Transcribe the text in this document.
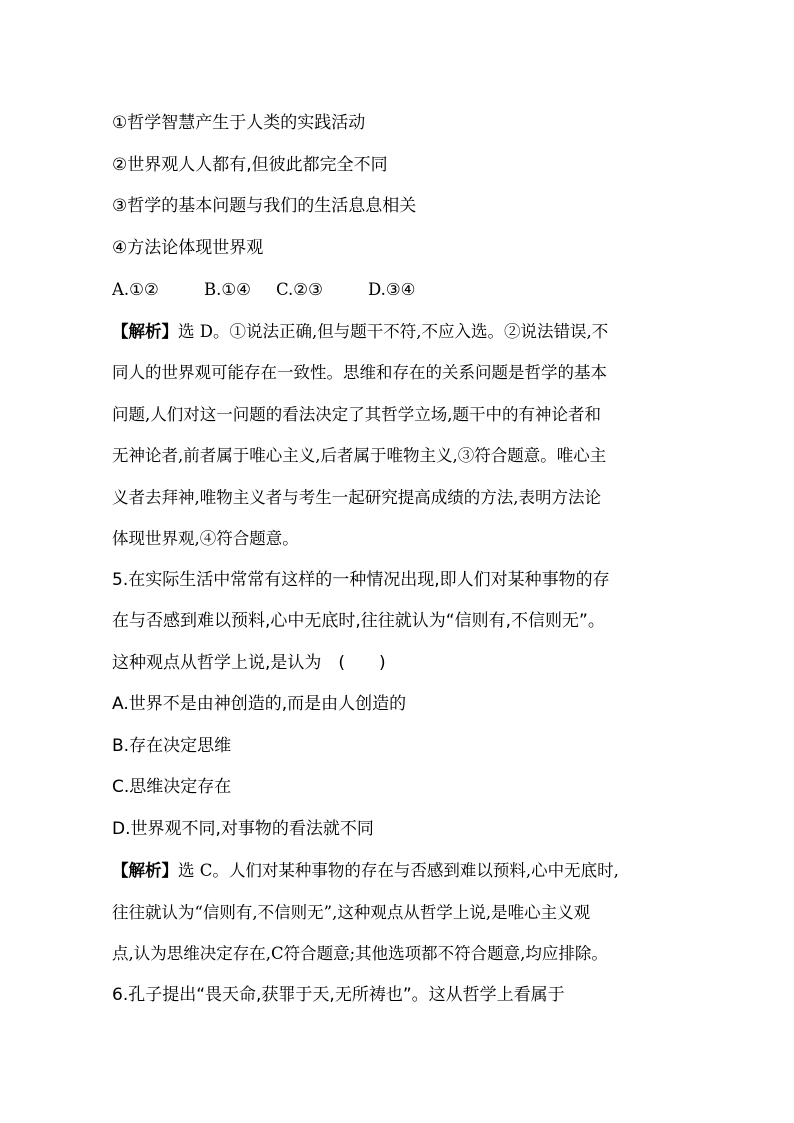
①哲学智慧产生于人类的实践活动
②世界观人人都有,但彼此都完全不同
③哲学的基本问题与我们的生活息息相关
④方法论体现世界观
A.①②	B.①④ C.②③	D.③④
【解析】选 D。①说法正确,但与题干不符,不应入选。②说法错误,不
同人的世界观可能存在一致性。思维和存在的关系问题是哲学的基本
问题,人们对这一问题的看法决定了其哲学立场,题干中的有神论者和
无神论者,前者属于唯心主义,后者属于唯物主义,③符合题意。唯心主
义者去拜神,唯物主义者与考生一起研究提高成绩的方法,表明方法论
体现世界观,④符合题意。
5.在实际生活中常常有这样的一种情况出现,即人们对某种事物的存
在与否感到难以预料,心中无底时,往往就认为“信则有,不信则无”。
这种观点从哲学上说,是认为　(　　)
A.世界不是由神创造的,而是由人创造的
B.存在决定思维
C.思维决定存在
D.世界观不同,对事物的看法就不同
【解析】选 C。人们对某种事物的存在与否感到难以预料,心中无底时,
往往就认为“信则有,不信则无”,这种观点从哲学上说,是唯心主义观
点,认为思维决定存在,C符合题意;其他选项都不符合题意,均应排除。
6.孔子提出“畏天命,获罪于天,无所祷也”。这从哲学上看属于
